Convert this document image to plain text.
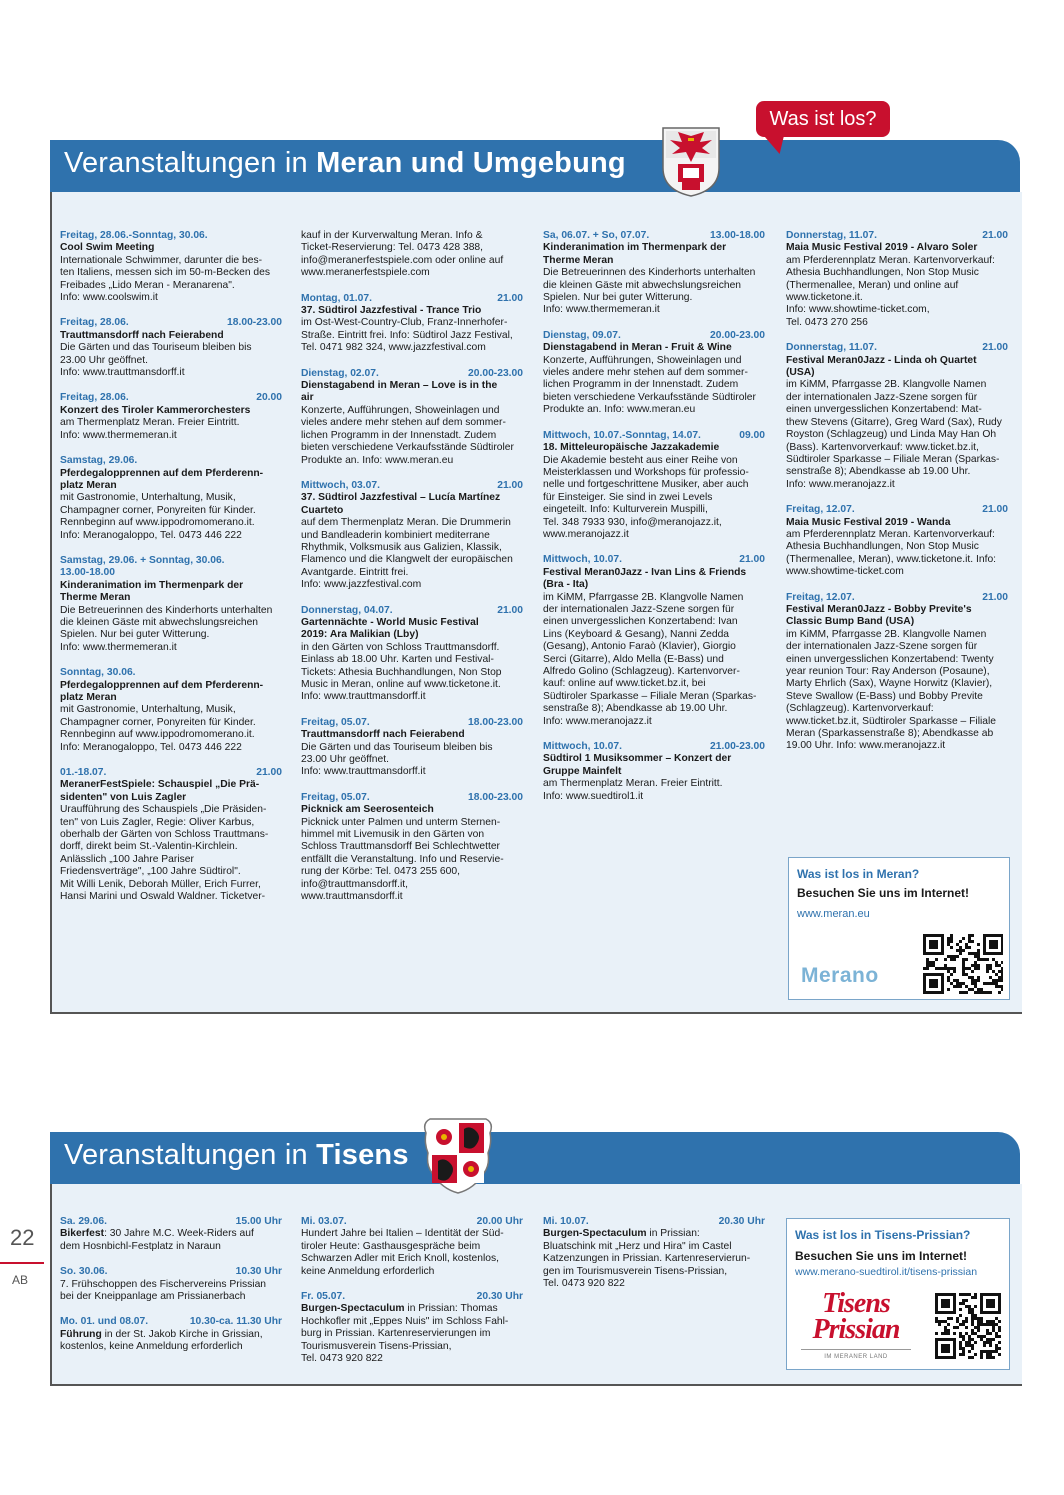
Veranstaltungen in Meran und Umgebung
Was ist los?
Freitag, 28.06.-Sonntag, 30.06.
Cool Swim Meeting
Internationale Schwimmer, darunter die bes-
ten Italiens, messen sich im 50-m-Becken des
Freibades „Lido Meran - Meranarena".
Info: www.coolswim.it
Freitag, 28.06.	18.00-23.00
Trauttmansdorff nach Feierabend
Die Gärten und das Touriseum bleiben bis
23.00 Uhr geöffnet.
Info: www.trauttmansdorff.it
Freitag, 28.06.	20.00
Konzert des Tiroler Kammerorchesters
am Thermenplatz Meran. Freier Eintritt.
Info: www.thermemeran.it
Samstag, 29.06.
Pferdegalopprennen auf dem Pferderenn-
platz Meran
mit Gastronomie, Unterhaltung, Musik,
Champagner corner, Ponyreiten für Kinder.
Rennbeginn auf www.ippodromomerano.it.
Info: Meranogaloppo, Tel. 0473 446 222
Samstag, 29.06. + Sonntag, 30.06.
13.00-18.00
Kinderanimation im Thermenpark der
Therme Meran
Die Betreuerinnen des Kinderhorts unterhalten
die kleinen Gäste mit abwechslungsreichen
Spielen. Nur bei guter Witterung.
Info: www.thermemeran.it
Sonntag, 30.06.
Pferdegalopprennen auf dem Pferderenn-
platz Meran
mit Gastronomie, Unterhaltung, Musik,
Champagner corner, Ponyreiten für Kinder.
Rennbeginn auf www.ippodromomerano.it.
Info: Meranogaloppo, Tel. 0473 446 222
01.-18.07.	21.00
MeranerFestSpiele: Schauspiel „Die Prä-
sidenten" von Luis Zagler
Uraufführung des Schauspiels „Die Präsiden-
ten" von Luis Zagler, Regie: Oliver Karbus,
oberhalb der Gärten von Schloss Trauttmans-
dorff, direkt beim St.-Valentin-Kirchlein.
Anlässlich „100 Jahre Pariser
Friedensverträge", „100 Jahre Südtirol".
Mit Willi Lenik, Deborah Müller, Erich Furrer,
Hansi Marini und Oswald Waldner. Ticketver-
kauf in der Kurverwaltung Meran. Info &
Ticket-Reservierung: Tel. 0473 428 388,
info@meranerfestspiele.com oder online auf
www.meranerfestspiele.com
Montag, 01.07.	21.00
37. Südtirol Jazzfestival - Trance Trio
im Ost-West-Country-Club, Franz-Innerhofer-
Straße. Eintritt frei. Info: Südtirol Jazz Festival,
Tel. 0471 982 324, www.jazzfestival.com
Dienstag, 02.07.	20.00-23.00
Dienstagabend in Meran – Love is in the
air
Konzerte, Aufführungen, Showeinlagen und
vieles andere mehr stehen auf dem sommer-
lichen Programm in der Innenstadt. Zudem
bieten verschiedene Verkaufsstände Südtiroler
Produkte an. Info: www.meran.eu
Mittwoch, 03.07.	21.00
37. Südtirol Jazzfestival – Lucía Martínez
Cuarteto
auf dem Thermenplatz Meran. Die Drummerin
und Bandleaderin kombiniert mediterrane
Rhythmik, Volksmusik aus Galizien, Klassik,
Flamenco und die Klangwelt der europäischen
Avantgarde. Eintritt frei.
Info: www.jazzfestival.com
Donnerstag, 04.07.	21.00
Gartennächte - World Music Festival
2019: Ara Malikian (Lby)
in den Gärten von Schloss Trauttmansdorff.
Einlass ab 18.00 Uhr. Karten und Festival-
Tickets: Athesia Buchhandlungen, Non Stop
Music in Meran, online auf www.ticketone.it.
Info: www.trauttmansdorff.it
Freitag, 05.07.	18.00-23.00
Trauttmansdorff nach Feierabend
Die Gärten und das Touriseum bleiben bis
23.00 Uhr geöffnet.
Info: www.trauttmansdorff.it
Freitag, 05.07.	18.00-23.00
Picknick am Seerosenteich
Picknick unter Palmen und unterm Sternen-
himmel mit Livemusik in den Gärten von
Schloss Trauttmansdorff Bei Schlechtwetter
entfällt die Veranstaltung. Info und Reservie-
rung der Körbe: Tel. 0473 255 600,
info@trauttmansdorff.it,
www.trauttmansdorff.it
Sa, 06.07. + So, 07.07.	13.00-18.00
Kinderanimation im Thermenpark der
Therme Meran
Die Betreuerinnen des Kinderhorts unterhalten
die kleinen Gäste mit abwechslungsreichen
Spielen. Nur bei guter Witterung.
Info: www.thermemeran.it
Dienstag, 09.07.	20.00-23.00
Dienstagabend in Meran - Fruit & Wine
Konzerte, Aufführungen, Showeinlagen und
vieles andere mehr stehen auf dem sommer-
lichen Programm in der Innenstadt. Zudem
bieten verschiedene Verkaufsstände Südtiroler
Produkte an. Info: www.meran.eu
Mittwoch, 10.07.-Sonntag, 14.07.	09.00
18. Mitteleuropäische Jazzakademie
Die Akademie besteht aus einer Reihe von
Meisterklassen und Workshops für professio-
nelle und fortgeschrittene Musiker, aber auch
für Einsteiger. Sie sind in zwei Levels
eingeteilt. Info: Kulturverein Muspilli,
Tel. 348 7933 930, info@meranojazz.it,
www.meranojazz.it
Mittwoch, 10.07.	21.00
Festival Meran0Jazz - Ivan Lins & Friends
(Bra - Ita)
im KiMM, Pfarrgasse 2B. Klangvolle Namen
der internationalen Jazz-Szene sorgen für
einen unvergesslichen Konzertabend: Ivan
Lins (Keyboard & Gesang), Nanni Zedda
(Gesang), Antonio Faraò (Klavier), Giorgio
Serci (Gitarre), Aldo Mella (E-Bass) und
Alfredo Golino (Schlagzeug). Kartenvorver-
kauf: online auf www.ticket.bz.it, bei
Südtiroler Sparkasse – Filiale Meran (Sparkas-
senstraße 8); Abendkasse ab 19.00 Uhr.
Info: www.meranojazz.it
Mittwoch, 10.07.	21.00-23.00
Südtirol 1 Musiksommer – Konzert der
Gruppe Mainfelt
am Thermenplatz Meran. Freier Eintritt.
Info: www.suedtirol1.it
Donnerstag, 11.07.	21.00
Maia Music Festival 2019 - Alvaro Soler
am Pferderennplatz Meran. Kartenvorverkauf:
Athesia Buchhandlungen, Non Stop Music
(Thermenallee, Meran) und online auf
www.ticketone.it.
Info: www.showtime-ticket.com,
Tel. 0473 270 256
Donnerstag, 11.07.	21.00
Festival Meran0Jazz - Linda oh Quartet
(USA)
im KiMM, Pfarrgasse 2B. Klangvolle Namen
der internationalen Jazz-Szene sorgen für
einen unvergesslichen Konzertabend: Mat-
thew Stevens (Gitarre), Greg Ward (Sax), Rudy
Royston (Schlagzeug) und Linda May Han Oh
(Bass). Kartenvorverkauf: www.ticket.bz.it,
Südtiroler Sparkasse – Filiale Meran (Sparkas-
senstraße 8); Abendkasse ab 19.00 Uhr.
Info: www.meranojazz.it
Freitag, 12.07.	21.00
Maia Music Festival 2019 - Wanda
am Pferderennplatz Meran. Kartenvorverkauf:
Athesia Buchhandlungen, Non Stop Music
(Thermenallee, Meran), www.ticketone.it. Info:
www.showtime-ticket.com
Freitag, 12.07.	21.00
Festival Meran0Jazz - Bobby Previte's
Classic Bump Band (USA)
im KiMM, Pfarrgasse 2B. Klangvolle Namen
der internationalen Jazz-Szene sorgen für
einen unvergesslichen Konzertabend: Twenty
year reunion Tour: Ray Anderson (Posaune),
Marty Ehrlich (Sax), Wayne Horwitz (Klavier),
Steve Swallow (E-Bass) und Bobby Previte
(Schlagzeug). Kartenvorverkauf:
www.ticket.bz.it, Südtiroler Sparkasse – Filiale
Meran (Sparkassenstraße 8); Abendkasse ab
19.00 Uhr. Info: www.meranojazz.it
Was ist los in Meran?
Besuchen Sie uns im Internet!
www.meran.eu
Merano
Veranstaltungen in Tisens
Sa. 29.06.	15.00 Uhr
Bikerfest: 30 Jahre M.C. Week-Riders auf
dem Hosnbichl-Festplatz in Naraun
So. 30.06.	10.30 Uhr
7. Frühschoppen des Fischervereins Prissian
bei der Kneippanlage am Prissianerbach
Mo. 01. und 08.07.	10.30-ca. 11.30 Uhr
Führung in der St. Jakob Kirche in Grissian,
kostenlos, keine Anmeldung erforderlich
Mi. 03.07.	20.00 Uhr
Hundert Jahre bei Italien – Identität der Süd-
tiroler Heute: Gasthausgespräche beim
Schwarzen Adler mit Erich Knoll, kostenlos,
keine Anmeldung erforderlich
Fr. 05.07.	20.30 Uhr
Burgen-Spectaculum in Prissian: Thomas
Hochkofler mit „Eppes Nuis" im Schloss Fahl-
burg in Prissian. Kartenreservierungen im
Tourismusverein Tisens-Prissian,
Tel. 0473 920 822
Mi. 10.07.	20.30 Uhr
Burgen-Spectaculum in Prissian:
Bluatschink mit „Herz und Hira" im Castel
Katzenzungen in Prissian. Kartenreservierun-
gen im Tourismusverein Tisens-Prissian,
Tel. 0473 920 822
Was ist los in Tisens-Prissian?
Besuchen Sie uns im Internet!
www.merano-suedtirol.it/tisens-prissian
Tisens
Prissian
IM MERANER LAND
22
AB
